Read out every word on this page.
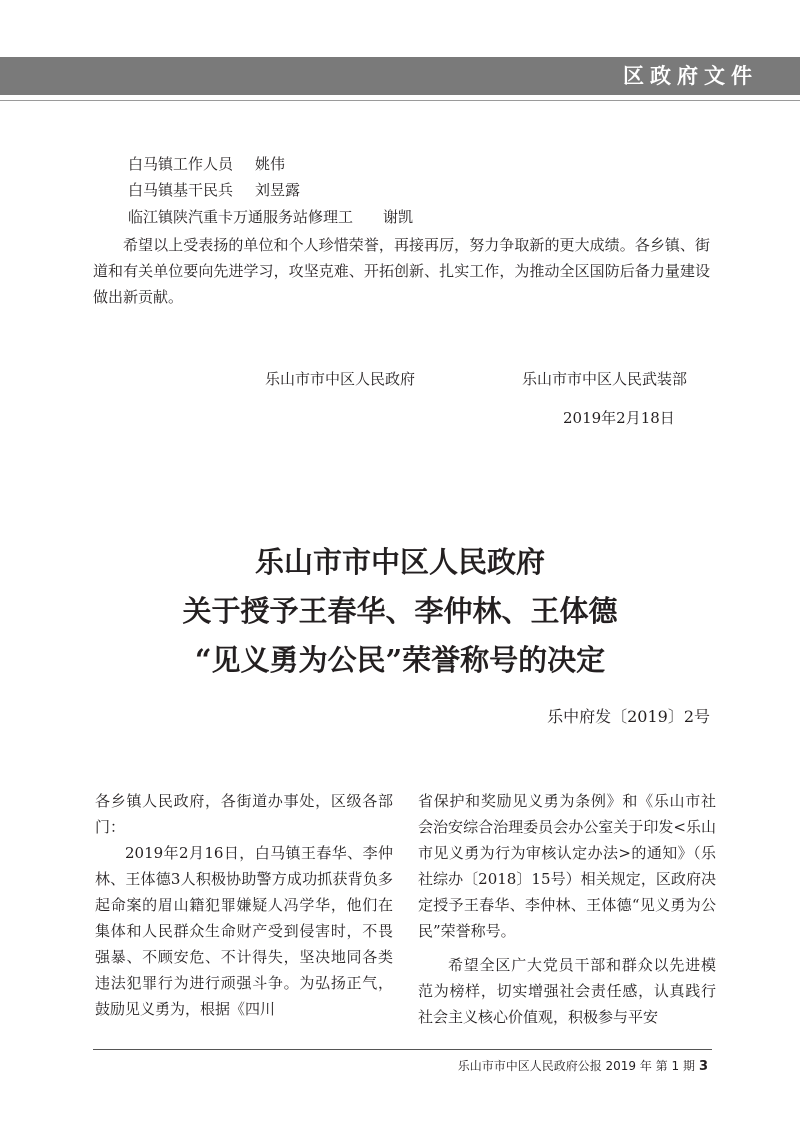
区政府文件
白马镇工作人员 姚伟
白马镇基干民兵 刘昱露
临江镇陕汽重卡万通服务站修理工 谢凯
希望以上受表扬的单位和个人珍惜荣誉，再接再厉，努力争取新的更大成绩。各乡镇、街道和有关单位要向先进学习，攻坚克难、开拓创新、扎实工作，为推动全区国防后备力量建设做出新贡献。
乐山市市中区人民政府	乐山市市中区人民武装部
2019年2月18日
乐山市市中区人民政府
关于授予王春华、李仲林、王体德
“见义勇为公民”荣誉称号的决定
乐中府发〔2019〕2号

各乡镇人民政府，各街道办事处，区级各部门：

2019年2月16日，白马镇王春华、李仲林、王体德3人积极协助警方成功抓获背负多起命案的眉山籍犯罪嫌疑人冯学华，他们在集体和人民群众生命财产受到侵害时，不畏强暴、不顾安危、不计得失，坚决地同各类违法犯罪行为进行顽强斗争。为弘扬正气，鼓励见义勇为，根据《四川

省保护和奖励见义勇为条例》和《乐山市社会治安综合治理委员会办公室关于印发<乐山市见义勇为行为审核认定办法>的通知》（乐社综办〔2018〕15号）相关规定，区政府决定授予王春华、李仲林、王体德“见义勇为公民”荣誉称号。

希望全区广大党员干部和群众以先进模范为榜样，切实增强社会责任感，认真践行社会主义核心价值观，积极参与平安

乐山市市中区人民政府公报 2019 年 第 1 期 3
